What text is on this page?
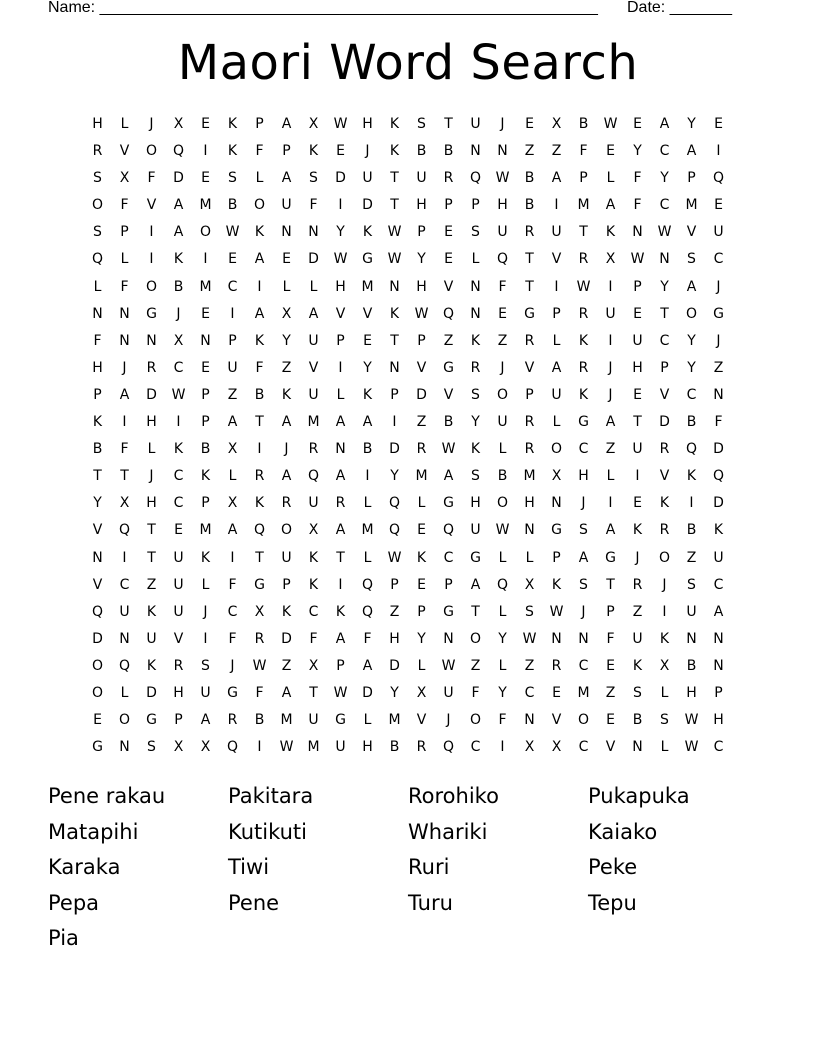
Name: ________________________________________________________ Date: _______
Maori Word Search
H	L	J	X	E	K	P	A	X	W	H	K	S	T	U	J	E	X	B	W	E	A	Y	E
R	V	O	Q	I	K	F	P	K	E	J	K	B	B	N	N	Z	Z	F	E	Y	C	A	I
S	X	F	D	E	S	L	A	S	D	U	T	U	R	Q	W	B	A	P	L	F	Y	P	Q
O	F	V	A	M	B	O	U	F	I	D	T	H	P	P	H	B	I	M	A	F	C	M	E
S	P	I	A	O	W	K	N	N	Y	K	W	P	E	S	U	R	U	T	K	N	W	V	U
Q	L	I	K	I	E	A	E	D	W	G	W	Y	E	L	Q	T	V	R	X	W	N	S	C
L	F	O	B	M	C	I	L	L	H	M	N	H	V	N	F	T	I	W	I	P	Y	A	J
N	N	G	J	E	I	A	X	A	V	V	K	W	Q	N	E	G	P	R	U	E	T	O	G
F	N	N	X	N	P	K	Y	U	P	E	T	P	Z	K	Z	R	L	K	I	U	C	Y	J
H	J	R	C	E	U	F	Z	V	I	Y	N	V	G	R	J	V	A	R	J	H	P	Y	Z
P	A	D	W	P	Z	B	K	U	L	K	P	D	V	S	O	P	U	K	J	E	V	C	N
K	I	H	I	P	A	T	A	M	A	A	I	Z	B	Y	U	R	L	G	A	T	D	B	F
B	F	L	K	B	X	I	J	R	N	B	D	R	W	K	L	R	O	C	Z	U	R	Q	D
T	T	J	C	K	L	R	A	Q	A	I	Y	M	A	S	B	M	X	H	L	I	V	K	Q
Y	X	H	C	P	X	K	R	U	R	L	Q	L	G	H	O	H	N	J	I	E	K	I	D
V	Q	T	E	M	A	Q	O	X	A	M	Q	E	Q	U	W	N	G	S	A	K	R	B	K
N	I	T	U	K	I	T	U	K	T	L	W	K	C	G	L	L	P	A	G	J	O	Z	U
V	C	Z	U	L	F	G	P	K	I	Q	P	E	P	A	Q	X	K	S	T	R	J	S	C
Q	U	K	U	J	C	X	K	C	K	Q	Z	P	G	T	L	S	W	J	P	Z	I	U	A
D	N	U	V	I	F	R	D	F	A	F	H	Y	N	O	Y	W	N	N	F	U	K	N	N
O	Q	K	R	S	J	W	Z	X	P	A	D	L	W	Z	L	Z	R	C	E	K	X	B	N
O	L	D	H	U	G	F	A	T	W	D	Y	X	U	F	Y	C	E	M	Z	S	L	H	P
E	O	G	P	A	R	B	M	U	G	L	M	V	J	O	F	N	V	O	E	B	S	W	H
G	N	S	X	X	Q	I	W	M	U	H	B	R	Q	C	I	X	X	C	V	N	L	W	C
Pene rakau	Pakitara	Rorohiko	Pukapuka
Matapihi	Kutikuti	Whariki	Kaiako
Karaka	Tiwi	Ruri	Peke
Pepa	Pene	Turu	Tepu
Pia
